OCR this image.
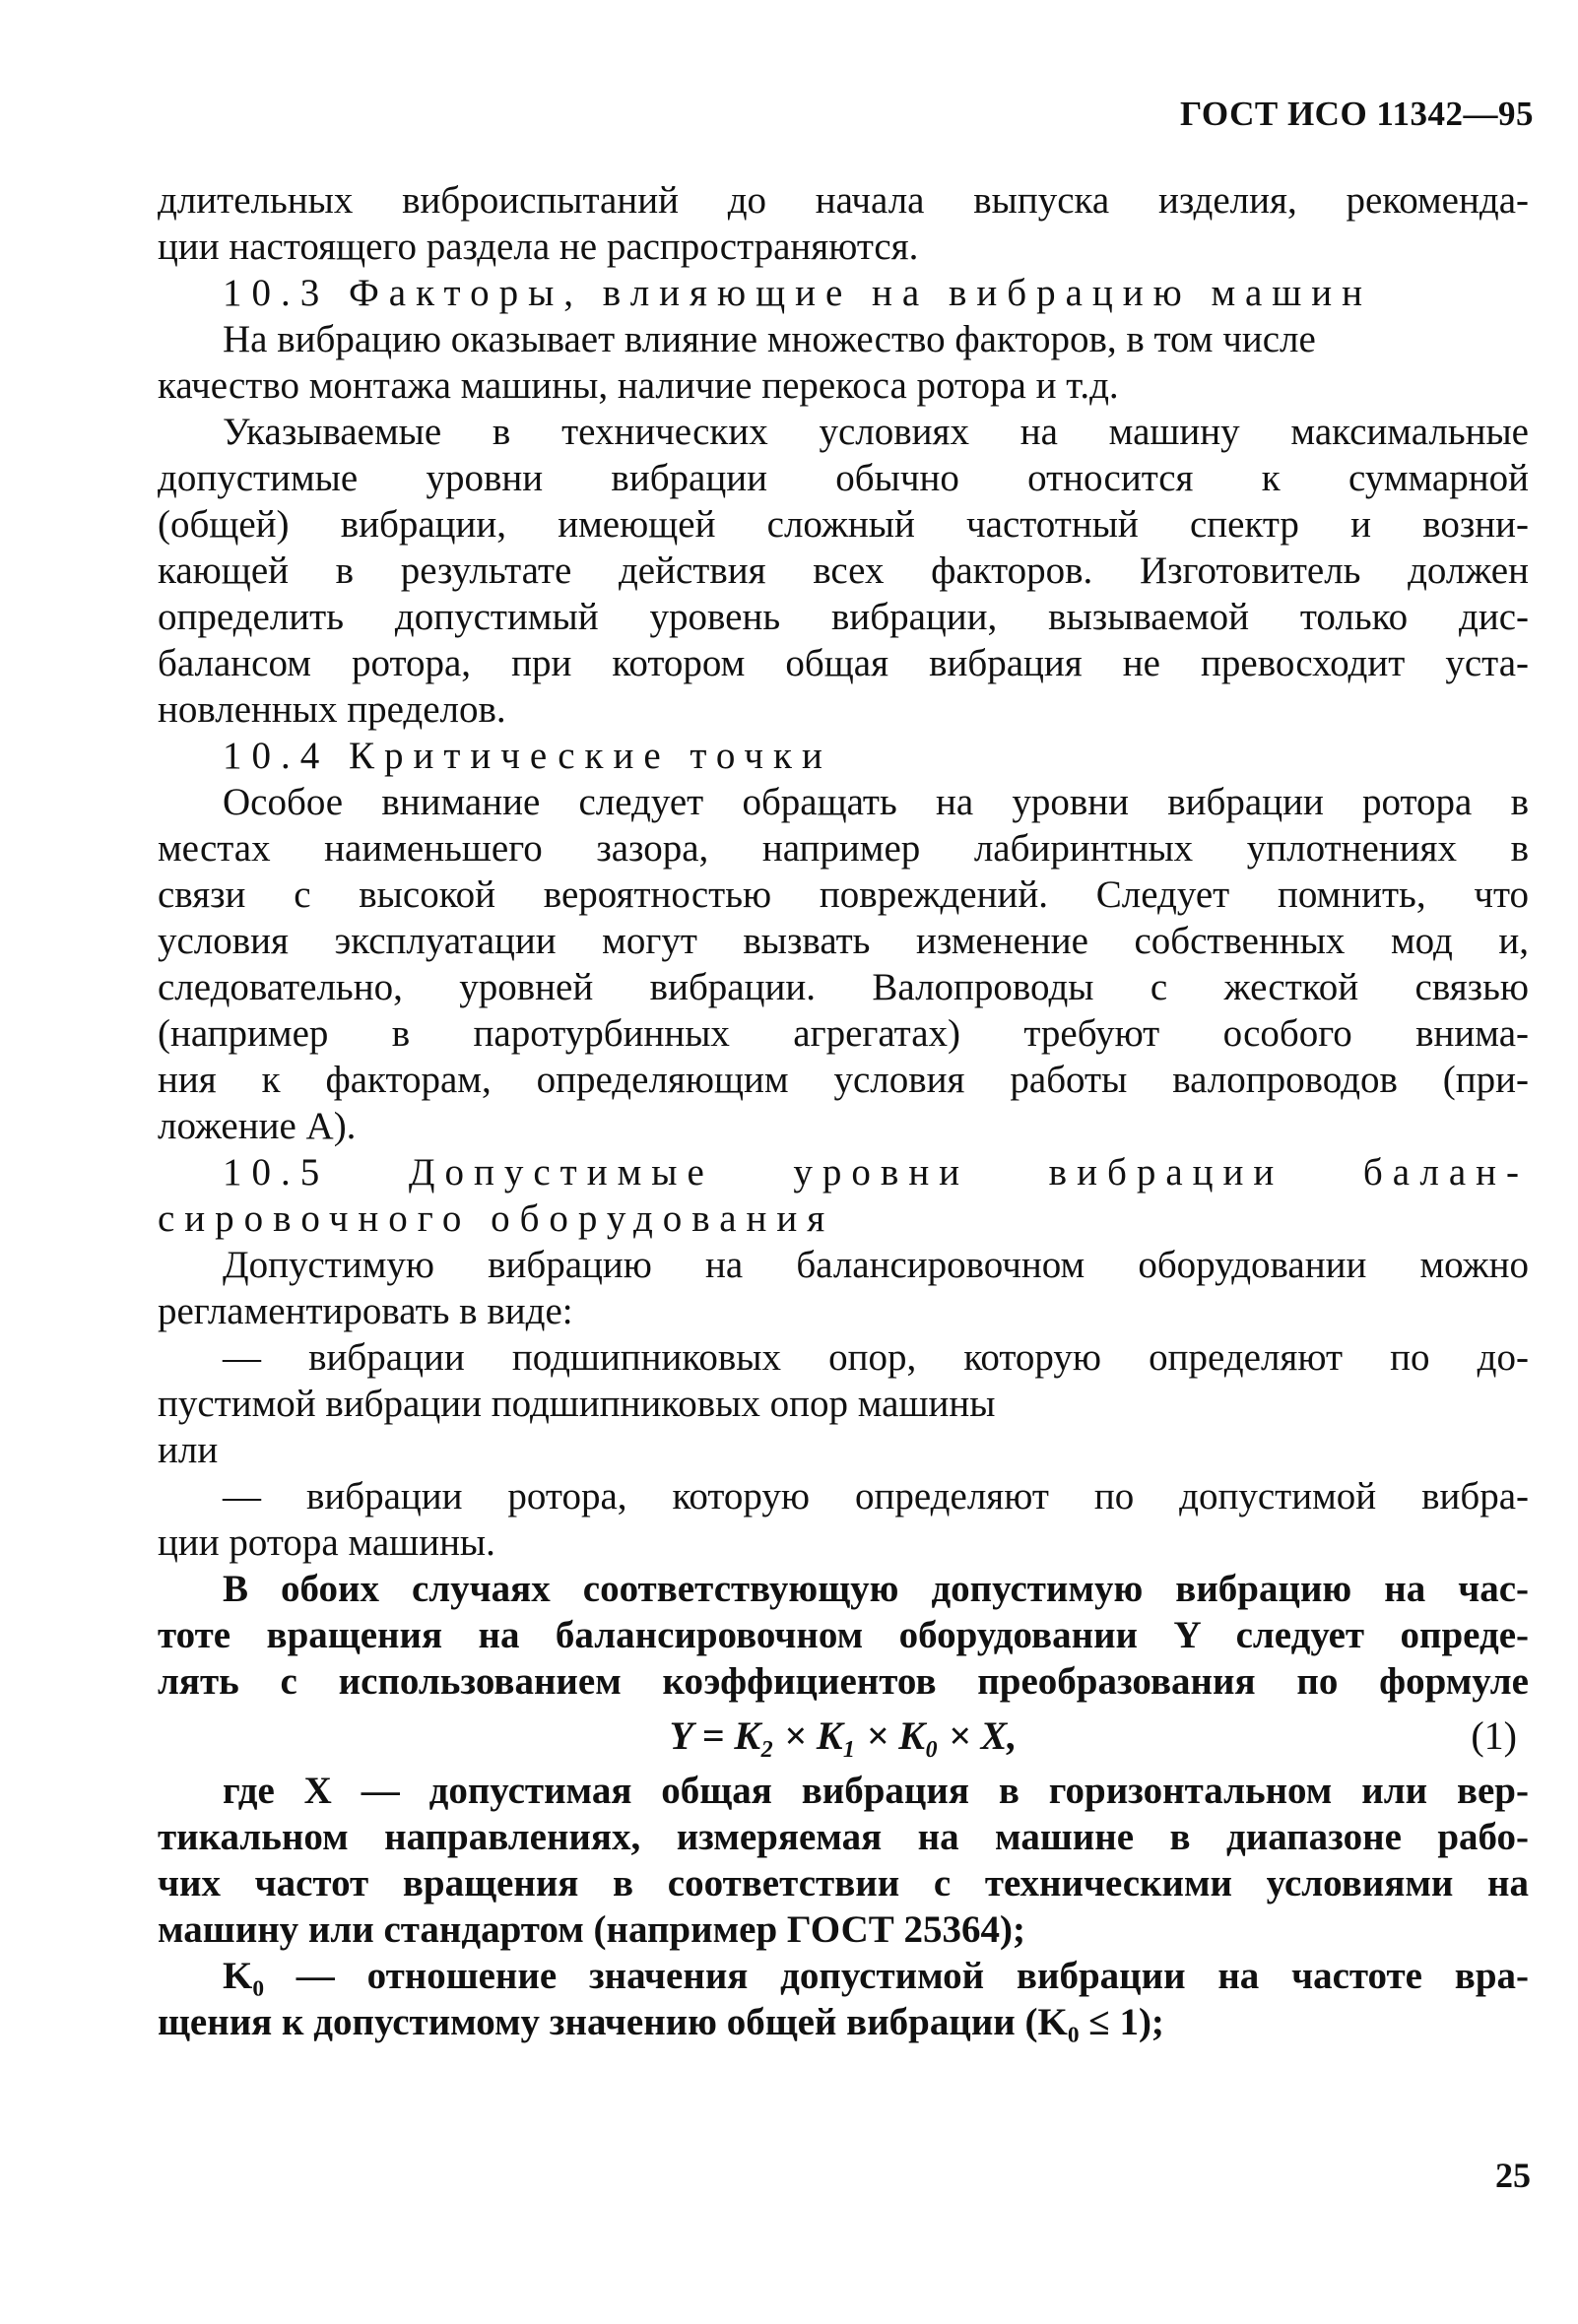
ГОСТ ИСО 11342—95
длительных виброиспытаний до начала выпуска изделия, рекоменда-
ции настоящего раздела не распространяются.
10.3 Факторы, влияющие на вибрацию машин
На вибрацию оказывает влияние множество факторов, в том числе
качество монтажа машины, наличие перекоса ротора и т.д.
Указываемые в технических условиях на машину максимальные
допустимые уровни вибрации обычно относится к суммарной
(общей) вибрации, имеющей сложный частотный спектр и возни-
кающей в результате действия всех факторов. Изготовитель должен
определить допустимый уровень вибрации, вызываемой только дис-
балансом ротора, при котором общая вибрация не превосходит уста-
новленных пределов.
10.4 Критические точки
Особое внимание следует обращать на уровни вибрации ротора в
местах наименьшего зазора, например лабиринтных уплотнениях в
связи с высокой вероятностью повреждений. Следует помнить, что
условия эксплуатации могут вызвать изменение собственных мод и,
следовательно, уровней вибрации. Валопроводы с жесткой связью
(например в паротурбинных агрегатах) требуют особого внима-
ния к факторам, определяющим условия работы валопроводов (при-
ложение А).
10.5 Допустимые уровни вибрации балан-
сировочного оборудования
Допустимую вибрацию на балансировочном оборудовании можно
регламентировать в виде:
— вибрации подшипниковых опор, которую определяют по до-
пустимой вибрации подшипниковых опор машины
или
— вибрации ротора, которую определяют по допустимой вибра-
ции ротора машины.
В обоих случаях соответствующую допустимую вибрацию на час-
тоте вращения на балансировочном оборудовании Y следует опреде-
лять с использованием коэффициентов преобразования по формуле
Y = K₂ × K₁ × K₀ × X,	(1)
где X — допустимая общая вибрация в горизонтальном или вер-
тикальном направлениях, измеряемая на машине в диапазоне рабо-
чих частот вращения в соответствии с техническими условиями на
машину или стандартом (например ГОСТ 25364);
K₀ — отношение значения допустимой вибрации на частоте вра-
щения к допустимому значению общей вибрации (K₀ ≤ 1);
25
